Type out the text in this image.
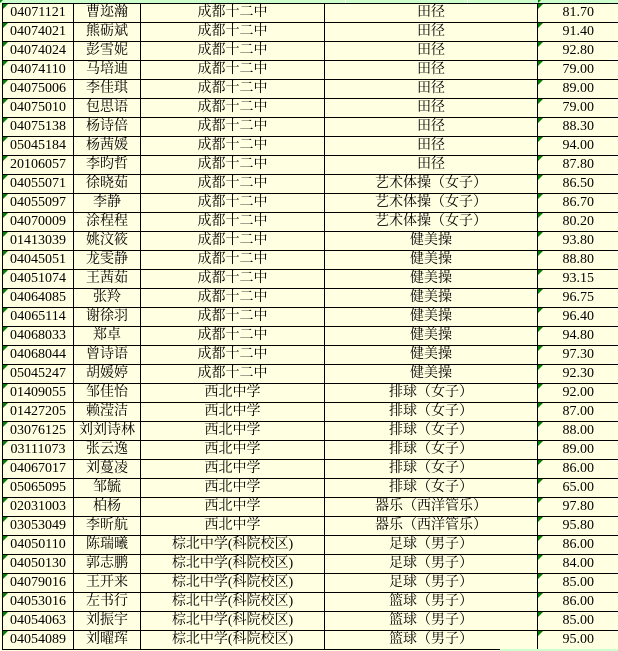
04071121	曹迩瀚	成都十二中	田径	81.70

04074021	熊砺斌	成都十二中	田径	91.40

04074024	彭雪妮	成都十二中	田径	92.80

04074110	马培迪	成都十二中	田径	79.00

04075006	李佳琪	成都十二中	田径	89.00

04075010	包思语	成都十二中	田径	79.00

04075138	杨诗倍	成都十二中	田径	88.30

05045184	杨茜媛	成都十二中	田径	94.00

20106057	李昀哲	成都十二中	田径	87.80

04055071	徐晓茹	成都十二中	艺术体操（女子）	86.50

04055097	李静	成都十二中	艺术体操（女子）	86.70

04070009	涂程程	成都十二中	艺术体操（女子）	80.20

01413039	姚汶筱	成都十二中	健美操	93.80

04045051	龙雯静	成都十二中	健美操	88.80

04051074	王茜茹	成都十二中	健美操	93.15

04064085	张羚	成都十二中	健美操	96.75

04065114	谢徐羽	成都十二中	健美操	96.40

04068033	郑卓	成都十二中	健美操	94.80

04068044	曾诗语	成都十二中	健美操	97.30

05045247	胡媛婷	成都十二中	健美操	92.30

01409055	邹佳怡	西北中学	排球（女子）	92.00

01427205	赖滢洁	西北中学	排球（女子）	87.00

03076125	刘刘诗林	西北中学	排球（女子）	88.00

03111073	张云逸	西北中学	排球（女子）	89.00

04067017	刘蔓凌	西北中学	排球（女子）	86.00

05065095	邹毓	西北中学	排球（女子）	65.00

02031003	柏杨	西北中学	器乐（西洋管乐）	97.80

03053049	李昕航	西北中学	器乐（西洋管乐）	95.80

04050110	陈瑞曦	棕北中学(科院校区)	足球（男子）	86.00

04050130	郭志鹏	棕北中学(科院校区)	足球（男子）	84.00

04079016	王开来	棕北中学(科院校区)	足球（男子）	85.00

04053016	左书行	棕北中学(科院校区)	篮球（男子）	86.00

04054063	刘振宇	棕北中学(科院校区)	篮球（男子）	85.00

04054089	刘曜珲	棕北中学(科院校区)	篮球（男子）	95.00
